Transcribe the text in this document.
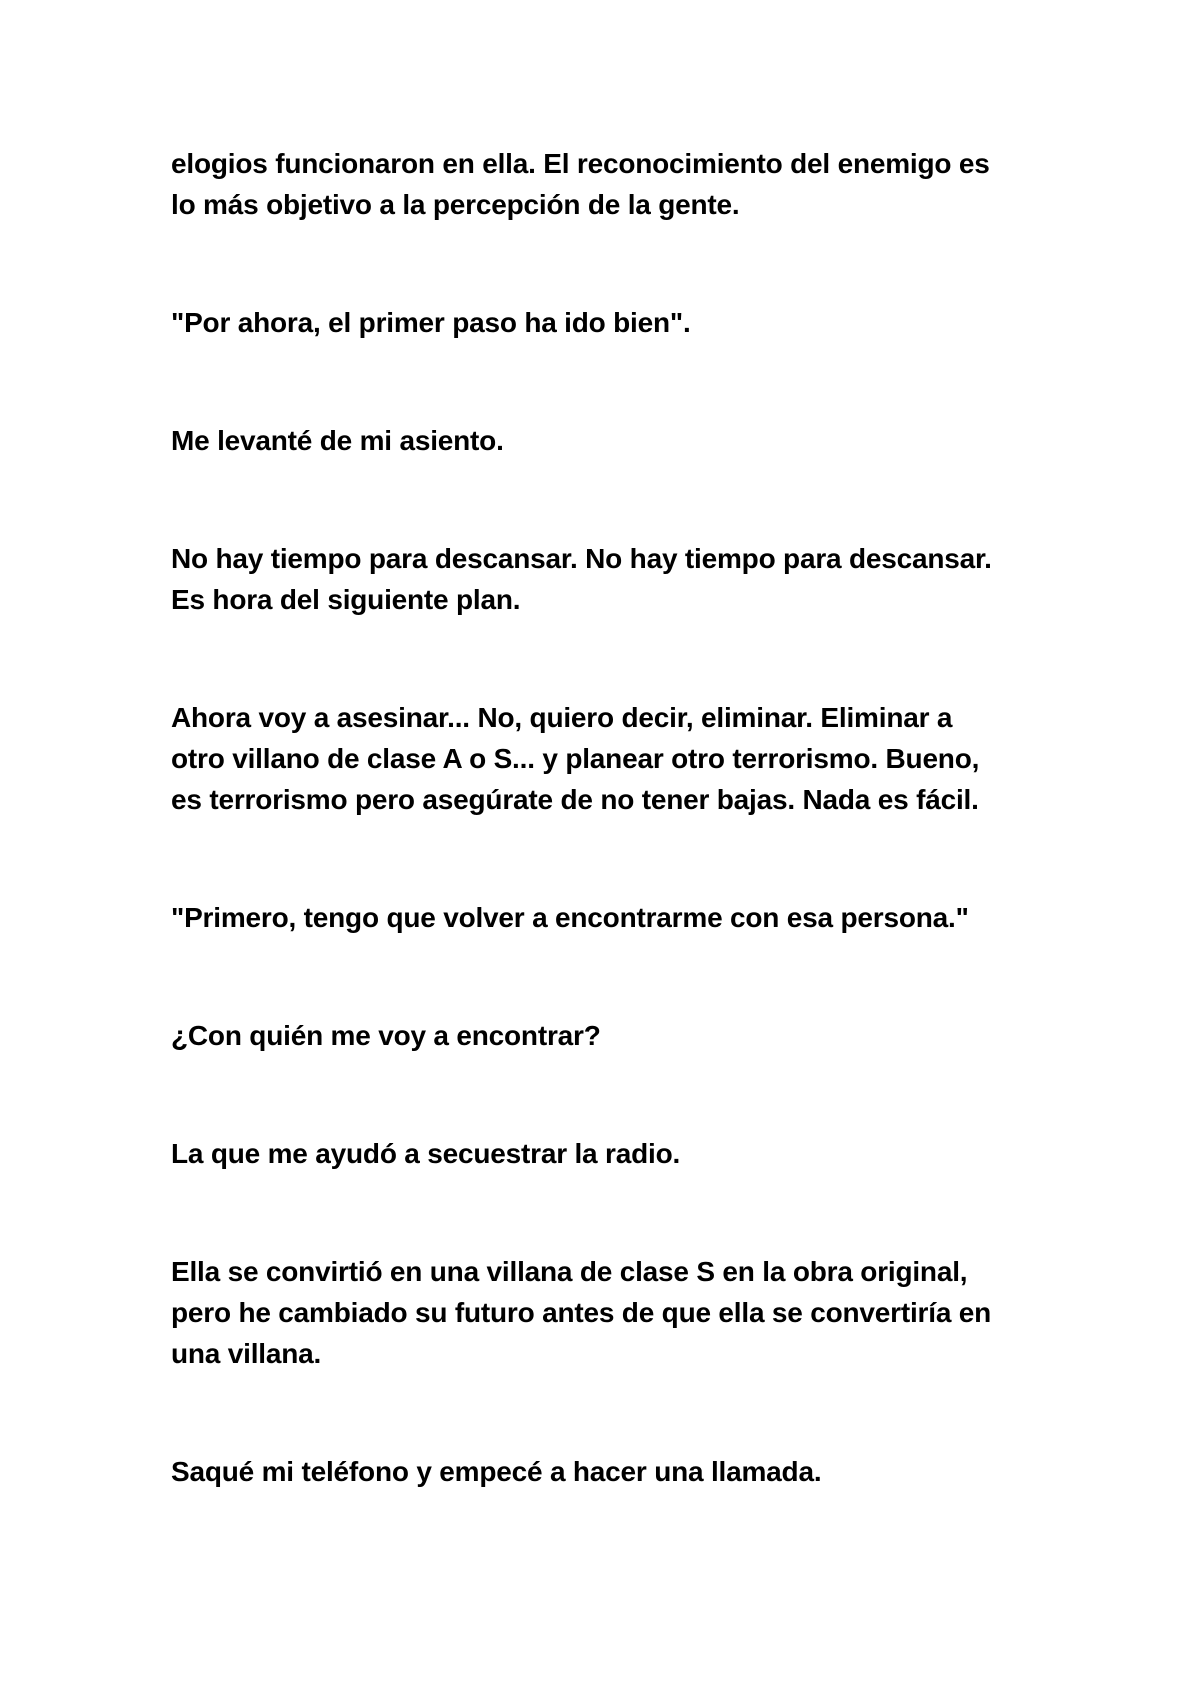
elogios funcionaron en ella. El reconocimiento del enemigo es
lo más objetivo a la percepción de la gente.

"Por ahora, el primer paso ha ido bien".

Me levanté de mi asiento.

No hay tiempo para descansar. No hay tiempo para descansar.
Es hora del siguiente plan.

Ahora voy a asesinar... No, quiero decir, eliminar. Eliminar a
otro villano de clase A o S... y planear otro terrorismo. Bueno,
es terrorismo pero asegúrate de no tener bajas. Nada es fácil.

"Primero, tengo que volver a encontrarme con esa persona."

¿Con quién me voy a encontrar?

La que me ayudó a secuestrar la radio.

Ella se convirtió en una villana de clase S en la obra original,
pero he cambiado su futuro antes de que ella se convertiría en
una villana.

Saqué mi teléfono y empecé a hacer una llamada.
